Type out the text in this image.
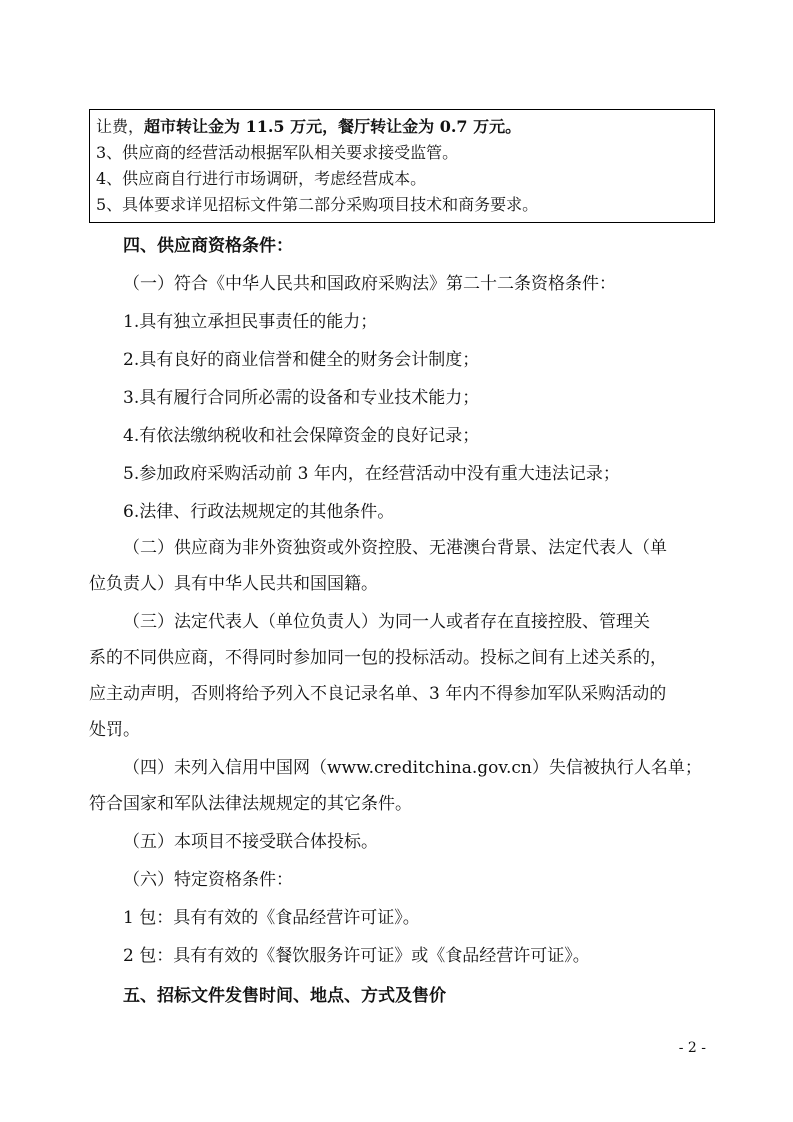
让费，超市转让金为 11.5 万元，餐厅转让金为 0.7 万元。
3、供应商的经营活动根据军队相关要求接受监管。
4、供应商自行进行市场调研，考虑经营成本。
5、具体要求详见招标文件第二部分采购项目技术和商务要求。
四、供应商资格条件：
（一）符合《中华人民共和国政府采购法》第二十二条资格条件：
1.具有独立承担民事责任的能力；
2.具有良好的商业信誉和健全的财务会计制度；
3.具有履行合同所必需的设备和专业技术能力；
4.有依法缴纳税收和社会保障资金的良好记录；
5.参加政府采购活动前 3 年内，在经营活动中没有重大违法记录；
6.法律、行政法规规定的其他条件。
（二）供应商为非外资独资或外资控股、无港澳台背景、法定代表人（单
位负责人）具有中华人民共和国国籍。
（三）法定代表人（单位负责人）为同一人或者存在直接控股、管理关
系的不同供应商，不得同时参加同一包的投标活动。投标之间有上述关系的，
应主动声明，否则将给予列入不良记录名单、3 年内不得参加军队采购活动的
处罚。
（四）未列入信用中国网（www.creditchina.gov.cn）失信被执行人名单；
符合国家和军队法律法规规定的其它条件。
（五）本项目不接受联合体投标。
（六）特定资格条件：
1 包：具有有效的《食品经营许可证》。
2 包：具有有效的《餐饮服务许可证》或《食品经营许可证》。
五、招标文件发售时间、地点、方式及售价
- 2 -
